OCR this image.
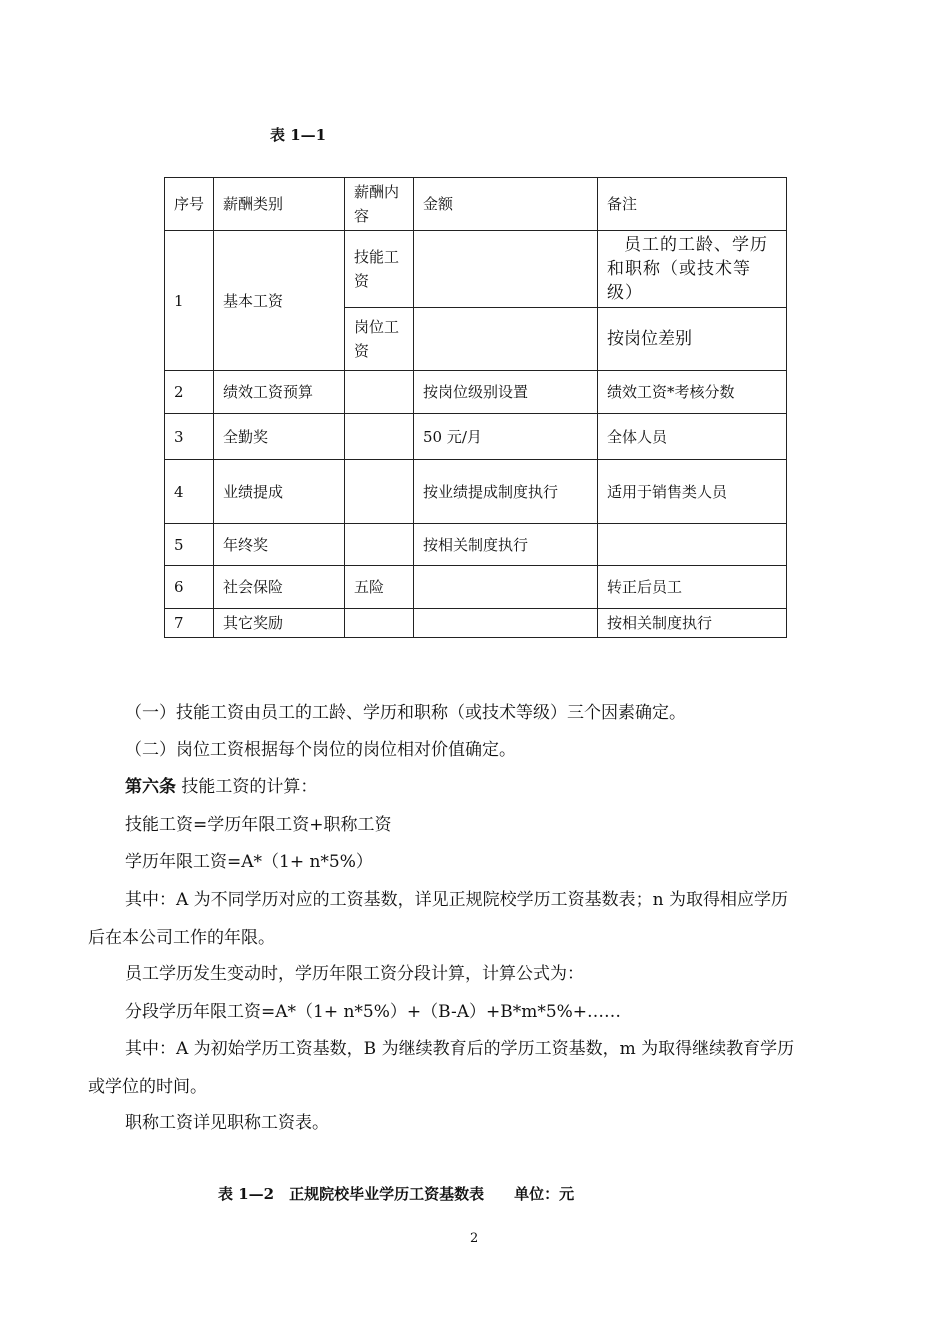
表 1—1
序号	薪酬类别	薪酬内容	金额	备注
1	基本工资	技能工资		员工的工龄、学历和职称（或技术等级）
		岗位工资		按岗位差别
2	绩效工资预算		按岗位级别设置	绩效工资*考核分数
3	全勤奖		50 元/月	全体人员
4	业绩提成		按业绩提成制度执行	适用于销售类人员
5	年终奖		按相关制度执行	
6	社会保险	五险		转正后员工
7	其它奖励			按相关制度执行
（一）技能工资由员工的工龄、学历和职称（或技术等级）三个因素确定。
（二）岗位工资根据每个岗位的岗位相对价值确定。
第六条 技能工资的计算：
技能工资=学历年限工资+职称工资
学历年限工资=A*（1+ n*5%）
其中：A 为不同学历对应的工资基数，详见正规院校学历工资基数表；n 为取得相应学历
后在本公司工作的年限。
员工学历发生变动时，学历年限工资分段计算，计算公式为：
分段学历年限工资=A*（1+ n*5%）+（B-A）+B*m*5%+……
其中：A 为初始学历工资基数，B 为继续教育后的学历工资基数，m 为取得继续教育学历
或学位的时间。
职称工资详见职称工资表。
表 1—2　正规院校毕业学历工资基数表　　单位：元
2
